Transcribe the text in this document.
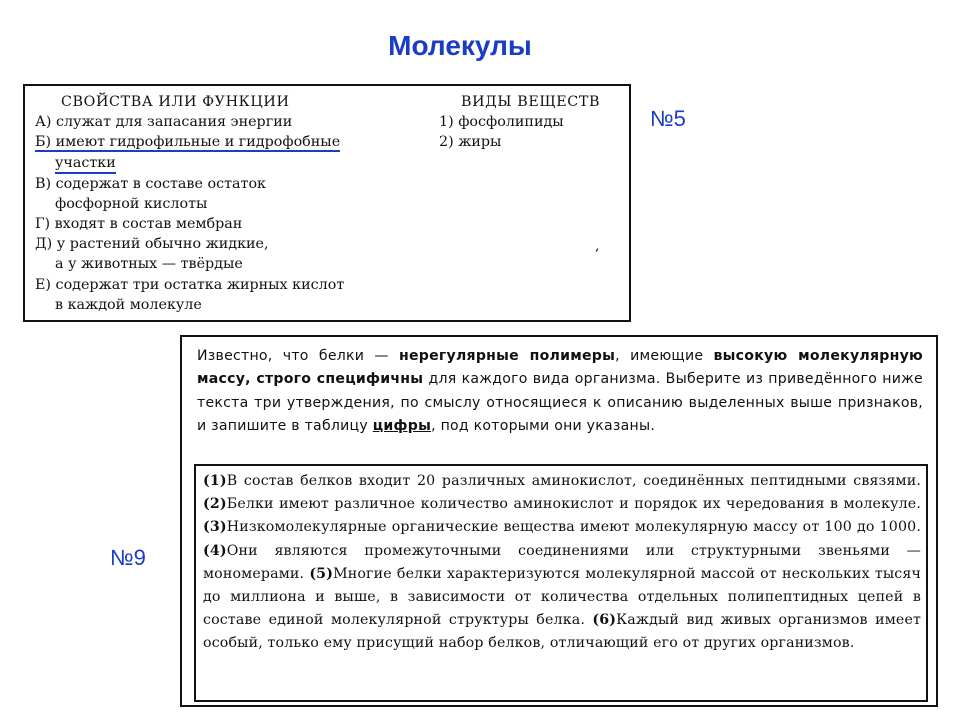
Молекулы
№5
№9
СВОЙСТВА ИЛИ ФУНКЦИИ
А) служат для запасания энергии
Б) имеют гидрофильные и гидрофобные
участки
В) содержат в составе остаток
фосфорной кислоты
Г) входят в состав мембран
Д) у растений обычно жидкие,
а у животных — твёрдые
Е) содержат три остатка жирных кислот
в каждой молекуле
ВИДЫ ВЕЩЕСТВ
1) фосфолипиды
2) жиры
,
Известно, что белки — нерегулярные полимеры, имеющие высокую молекулярную массу, строго специфичны для каждого вида организма. Выберите из приведённого ниже текста три утверждения, по смыслу относящиеся к описанию выделенных выше признаков, и запишите в таблицу цифры, под которыми они указаны.
(1)В состав белков входит 20 различных аминокислот, соединённых пептидными связями. (2)Белки имеют различное количество аминокислот и порядок их чередования в молекуле. (3)Низкомолекулярные органические вещества имеют молекулярную массу от 100 до 1000. (4)Они являются промежуточными соединениями или структурными звеньями — мономерами. (5)Многие белки характеризуются молекулярной массой от нескольких тысяч до миллиона и выше, в зависимости от количества отдельных полипептидных цепей в составе единой молекулярной структуры белка. (6)Каждый вид живых организмов имеет особый, только ему присущий набор белков, отличающий его от других организмов.
